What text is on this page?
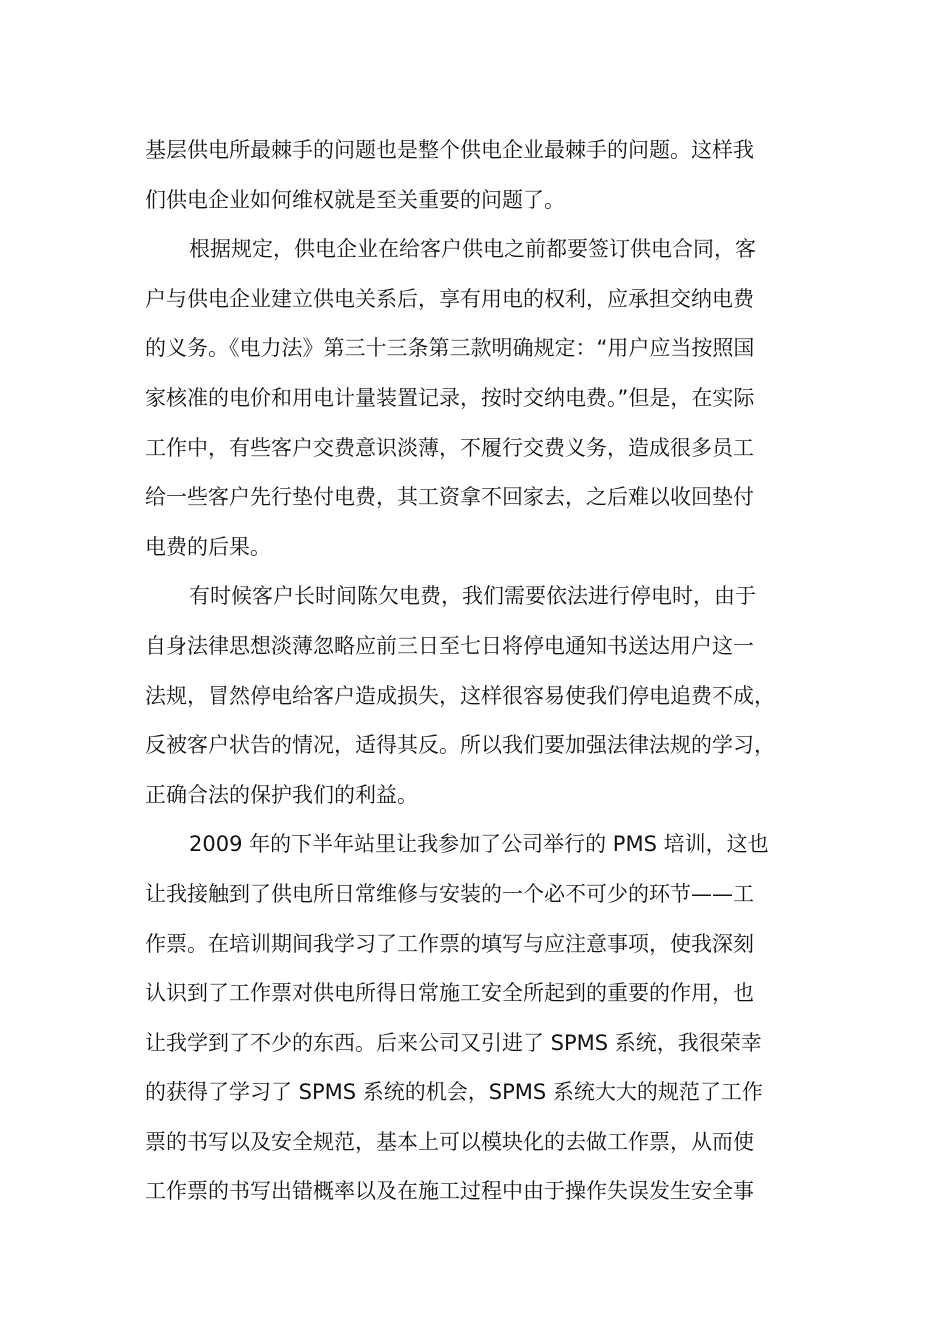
基层供电所最棘手的问题也是整个供电企业最棘手的问题。这样我
们供电企业如何维权就是至关重要的问题了。
根据规定，供电企业在给客户供电之前都要签订供电合同，客
户与供电企业建立供电关系后，享有用电的权利，应承担交纳电费
的义务。《电力法》第三十三条第三款明确规定：“用户应当按照国
家核准的电价和用电计量装置记录，按时交纳电费。”但是，在实际
工作中，有些客户交费意识淡薄，不履行交费义务，造成很多员工
给一些客户先行垫付电费，其工资拿不回家去，之后难以收回垫付
电费的后果。
有时候客户长时间陈欠电费，我们需要依法进行停电时，由于
自身法律思想淡薄忽略应前三日至七日将停电通知书送达用户这一
法规，冒然停电给客户造成损失，这样很容易使我们停电追费不成，
反被客户状告的情况，适得其反。所以我们要加强法律法规的学习，
正确合法的保护我们的利益。
2009 年的下半年站里让我参加了公司举行的 PMS 培训，这也
让我接触到了供电所日常维修与安装的一个必不可少的环节——工
作票。在培训期间我学习了工作票的填写与应注意事项，使我深刻
认识到了工作票对供电所得日常施工安全所起到的重要的作用，也
让我学到了不少的东西。后来公司又引进了 SPMS 系统，我很荣幸
的获得了学习了 SPMS 系统的机会，SPMS 系统大大的规范了工作
票的书写以及安全规范，基本上可以模块化的去做工作票，从而使
工作票的书写出错概率以及在施工过程中由于操作失误发生安全事
